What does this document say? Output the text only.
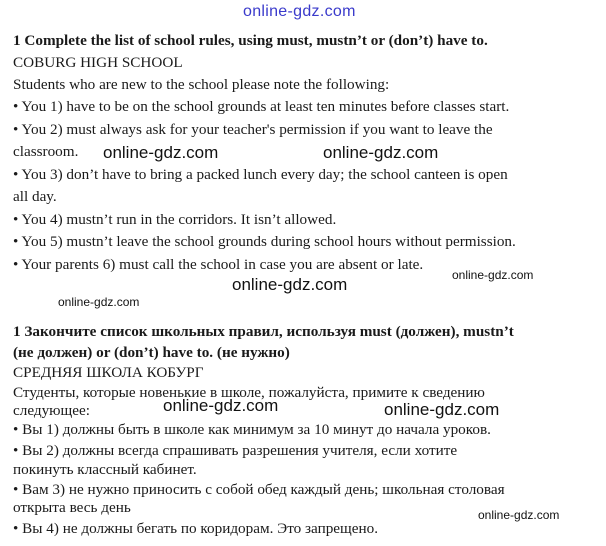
online-gdz.com
1 Complete the list of school rules, using must, mustn’t or (don’t) have to.
COBURG HIGH SCHOOL
Students who are new to the school please note the following:
• You 1) have to be on the school grounds at least ten minutes before classes start.
• You 2) must always ask for your teacher's permission if you want to leave the
classroom.
• You 3) don’t have to bring a packed lunch every day; the school canteen is open
all day.
• You 4) mustn’t run in the corridors. It isn’t allowed.
• You 5) mustn’t leave the school grounds during school hours without permission.
• Your parents 6) must call the school in case you are absent or late.
1 Закончите список школьных правил, используя must (должен), mustn’t
(не должен) or (don’t) have to. (не нужно)
СРЕДНЯЯ ШКОЛА КОБУРГ
Студенты, которые новенькие в школе, пожалуйста, примите к сведению
следующее:
• Вы 1) должны быть в школе как минимум за 10 минут до начала уроков.
• Вы 2) должны всегда спрашивать разрешения учителя, если хотите
покинуть классный кабинет.
• Вам 3) не нужно приносить с собой обед каждый день; школьная столовая
открыта весь день
• Вы 4) не должны бегать по коридорам. Это запрещено.
online-gdz.com	online-gdz.com
online-gdz.com
online-gdz.com
online-gdz.com
online-gdz.com	online-gdz.com
online-gdz.com
